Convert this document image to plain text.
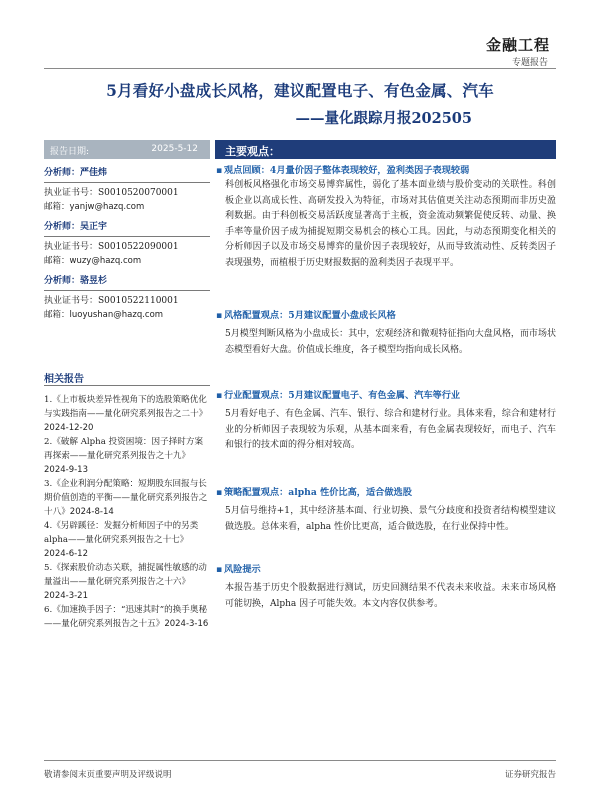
金融工程
专题报告
5月看好小盘成长风格，建议配置电子、有色金属、汽车
——量化跟踪月报202505
报告日期:	2025-5-12
分析师：严佳炜
执业证书号：S0010520070001
邮箱：yanjw@hazq.com
分析师：吴正宇
执业证书号：S0010522090001
邮箱：wuzy@hazq.com
分析师：骆昱杉
执业证书号：S0010522110001
邮箱：luoyushan@hazq.com
相关报告
1.《上市板块差异性视角下的选股策略优化与实践指南——量化研究系列报告之二十》2024-12-20
2.《破解 Alpha 投资困境：因子择时方案再探索——量化研究系列报告之十九》2024-9-13
3.《企业利润分配策略：短期股东回报与长期价值创造的平衡——量化研究系列报告之十八》2024-8-14
4.《另辟蹊径：发掘分析师因子中的另类 alpha——量化研究系列报告之十七》2024-6-12
5.《探索股价动态关联，捕捉属性敏感的动量溢出——量化研究系列报告之十六》2024-3-21
6.《加速换手因子：“迅速其时”的换手奥秘——量化研究系列报告之十五》2024-3-16
主要观点：
▪ 观点回顾：4月量价因子整体表现较好，盈利类因子表现较弱
科创板风格强化市场交易博弈属性，弱化了基本面业绩与股价变动的关联性。科创板企业以高成长性、高研发投入为特征，市场对其估值更关注动态预期而非历史盈利数据。由于科创板交易活跃度显著高于主板，资金流动频繁促使反转、动量、换手率等量价因子成为捕捉短期交易机会的核心工具。因此，与动态预期变化相关的分析师因子以及市场交易博弈的量价因子表现较好，从而导致流动性、反转类因子表现强势，而植根于历史财报数据的盈利类因子表现平平。
▪ 风格配置观点：5月建议配置小盘成长风格
5月模型判断风格为小盘成长：其中，宏观经济和微观特征指向大盘风格，而市场状态模型看好大盘。价值成长维度，各子模型均指向成长风格。
▪ 行业配置观点：5月建议配置电子、有色金属、汽车等行业
5月看好电子、有色金属、汽车、银行、综合和建材行业。具体来看，综合和建材行业的分析师因子表现较为乐观，从基本面来看，有色金属表现较好，而电子、汽车和银行的技术面的得分相对较高。
▪ 策略配置观点：alpha 性价比高，适合做选股
5月信号维持+1，其中经济基本面、行业切换、景气分歧度和投资者结构模型建议做选股。总体来看，alpha 性价比更高，适合做选股，在行业保持中性。
▪ 风险提示
本报告基于历史个股数据进行测试，历史回测结果不代表未来收益。未来市场风格可能切换，Alpha 因子可能失效。本文内容仅供参考。
敬请参阅末页重要声明及评级说明	证券研究报告
